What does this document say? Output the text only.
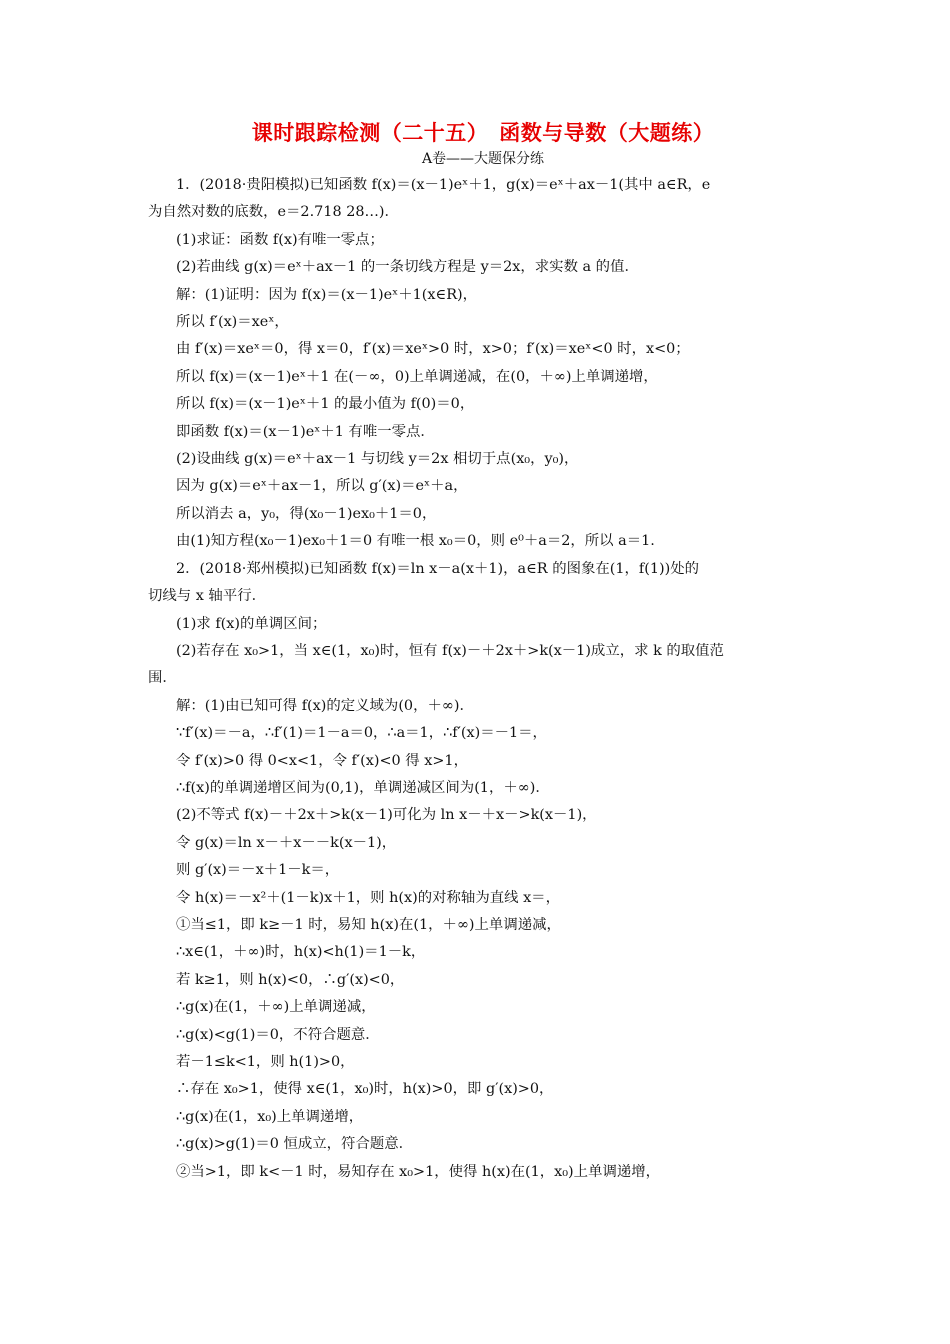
课时跟踪检测（二十五）　函数与导数（大题练）
A卷——大题保分练
1．(2018·贵阳模拟)已知函数 f(x)＝(x－1)eˣ＋1，g(x)＝eˣ＋ax－1(其中 a∈R，e
为自然对数的底数，e＝2.718 28…)．
(1)求证：函数 f(x)有唯一零点；
(2)若曲线 g(x)＝eˣ＋ax－1 的一条切线方程是 y＝2x，求实数 a 的值．
解：(1)证明：因为 f(x)＝(x－1)eˣ＋1(x∈R)，
所以 f′(x)＝xeˣ，
由 f′(x)＝xeˣ＝0，得 x＝0，f′(x)＝xeˣ>0 时，x>0；f′(x)＝xeˣ<0 时，x<0；
所以 f(x)＝(x－1)eˣ＋1 在(－∞，0)上单调递减，在(0，＋∞)上单调递增，
所以 f(x)＝(x－1)eˣ＋1 的最小值为 f(0)＝0，
即函数 f(x)＝(x－1)eˣ＋1 有唯一零点．
(2)设曲线 g(x)＝eˣ＋ax－1 与切线 y＝2x 相切于点(x₀，y₀)，
因为 g(x)＝eˣ＋ax－1，所以 g′(x)＝eˣ＋a，
所以消去 a，y₀，得(x₀－1)ex₀＋1＝0，
由(1)知方程(x₀－1)ex₀＋1＝0 有唯一根 x₀＝0，则 e⁰＋a＝2，所以 a＝1.
2．(2018·郑州模拟)已知函数 f(x)＝ln x－a(x＋1)，a∈R 的图象在(1，f(1))处的
切线与 x 轴平行．
(1)求 f(x)的单调区间；
(2)若存在 x₀>1，当 x∈(1，x₀)时，恒有 f(x)－＋2x＋>k(x－1)成立，求 k 的取值范
围．
解：(1)由已知可得 f(x)的定义域为(0，＋∞)．
∵f′(x)＝－a，∴f′(1)＝1－a＝0，∴a＝1，∴f′(x)＝－1＝，
令 f′(x)>0 得 0<x<1，令 f′(x)<0 得 x>1，
∴f(x)的单调递增区间为(0,1)，单调递减区间为(1，＋∞)．
(2)不等式 f(x)－＋2x＋>k(x－1)可化为 ln x－＋x－>k(x－1)，
令 g(x)＝ln x－＋x－－k(x－1)，
则 g′(x)＝－x＋1－k＝，
令 h(x)＝－x²＋(1－k)x＋1，则 h(x)的对称轴为直线 x＝，
①当≤1，即 k≥－1 时，易知 h(x)在(1，＋∞)上单调递减，
∴x∈(1，＋∞)时，h(x)<h(1)＝1－k，
若 k≥1，则 h(x)<0，∴g′(x)<0，
∴g(x)在(1，＋∞)上单调递减，
∴g(x)<g(1)＝0，不符合题意．
若－1≤k<1，则 h(1)>0，
∴存在 x₀>1，使得 x∈(1，x₀)时，h(x)>0，即 g′(x)>0，
∴g(x)在(1，x₀)上单调递增，
∴g(x)>g(1)＝0 恒成立，符合题意．
②当>1，即 k<－1 时，易知存在 x₀>1，使得 h(x)在(1，x₀)上单调递增，
